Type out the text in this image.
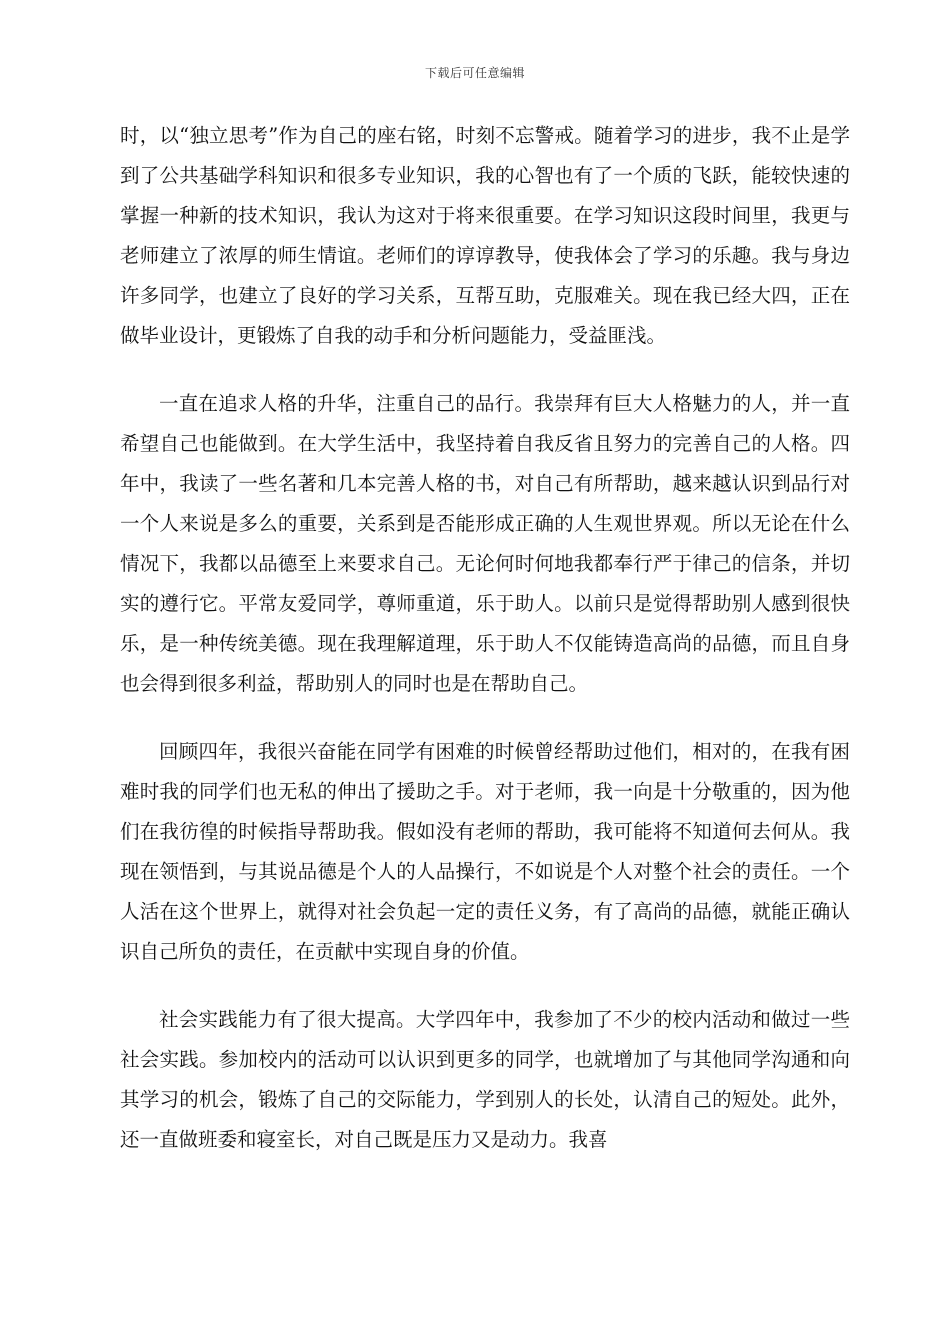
下载后可任意编辑

时，以“独立思考”作为自己的座右铭，时刻不忘警戒。随着学习的进步，我不止是学到了公共基础学科知识和很多专业知识，我的心智也有了一个质的飞跃，能较快速的掌握一种新的技术知识，我认为这对于将来很重要。在学习知识这段时间里，我更与老师建立了浓厚的师生情谊。老师们的谆谆教导，使我体会了学习的乐趣。我与身边许多同学，也建立了良好的学习关系，互帮互助，克服难关。现在我已经大四，正在做毕业设计，更锻炼了自我的动手和分析问题能力，受益匪浅。

一直在追求人格的升华，注重自己的品行。我崇拜有巨大人格魅力的人，并一直希望自己也能做到。在大学生活中，我坚持着自我反省且努力的完善自己的人格。四年中，我读了一些名著和几本完善人格的书，对自己有所帮助，越来越认识到品行对一个人来说是多么的重要，关系到是否能形成正确的人生观世界观。所以无论在什么情况下，我都以品德至上来要求自己。无论何时何地我都奉行严于律己的信条，并切实的遵行它。平常友爱同学，尊师重道，乐于助人。以前只是觉得帮助别人感到很快乐，是一种传统美德。现在我理解道理，乐于助人不仅能铸造高尚的品德，而且自身也会得到很多利益，帮助别人的同时也是在帮助自己。

回顾四年，我很兴奋能在同学有困难的时候曾经帮助过他们，相对的，在我有困难时我的同学们也无私的伸出了援助之手。对于老师，我一向是十分敬重的，因为他们在我彷徨的时候指导帮助我。假如没有老师的帮助，我可能将不知道何去何从。我现在领悟到，与其说品德是个人的人品操行，不如说是个人对整个社会的责任。一个人活在这个世界上，就得对社会负起一定的责任义务，有了高尚的品德，就能正确认识自己所负的责任，在贡献中实现自身的价值。

社会实践能力有了很大提高。大学四年中，我参加了不少的校内活动和做过一些社会实践。参加校内的活动可以认识到更多的同学，也就增加了与其他同学沟通和向其学习的机会，锻炼了自己的交际能力，学到别人的长处，认清自己的短处。此外，还一直做班委和寝室长，对自己既是压力又是动力。我喜
